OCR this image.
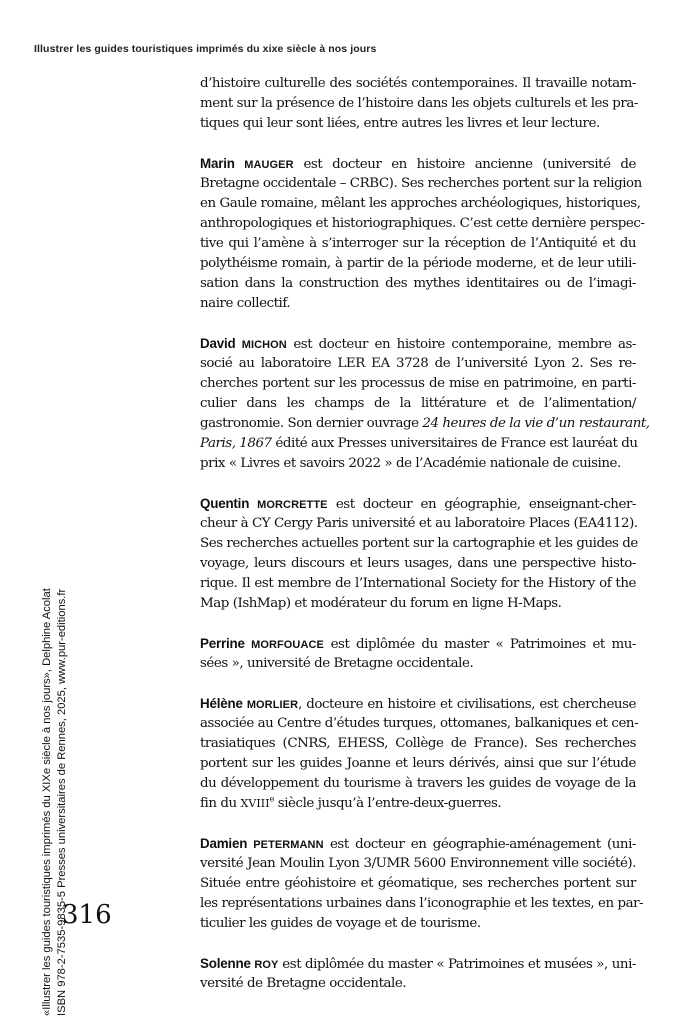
Illustrer les guides touristiques imprimés du xixe siècle à nos jours
«Illustrer les guides touristiques imprimés du XIXe siècle à nos jours», Delphine Acolat ISBN 978-2-7535-9835-5 Presses universitaires de Rennes, 2025, www.pur-editions.fr
316
d’histoire culturelle des sociétés contemporaines. Il travaille notam-
ment sur la présence de l’histoire dans les objets culturels et les pra-
tiques qui leur sont liées, entre autres les livres et leur lecture.
Marin MAUGER est docteur en histoire ancienne (université de
Bretagne occidentale – CRBC). Ses recherches portent sur la religion
en Gaule romaine, mêlant les approches archéologiques, historiques,
anthropologiques et historiographiques. C’est cette dernière perspec-
tive qui l’amène à s’interroger sur la réception de l’Antiquité et du
polythéisme romain, à partir de la période moderne, et de leur utili-
sation dans la construction des mythes identitaires ou de l’imagi-
naire collectif.
David MICHON est docteur en histoire contemporaine, membre as-
socié au laboratoire LER EA 3728 de l’université Lyon 2. Ses re-
cherches portent sur les processus de mise en patrimoine, en parti-
culier dans les champs de la littérature et de l’alimentation/
gastronomie. Son dernier ouvrage 24 heures de la vie d’un restaurant,
Paris, 1867 édité aux Presses universitaires de France est lauréat du
prix « Livres et savoirs 2022 » de l’Académie nationale de cuisine.
Quentin MORCRETTE est docteur en géographie, enseignant-cher-
cheur à CY Cergy Paris université et au laboratoire Places (EA4112).
Ses recherches actuelles portent sur la cartographie et les guides de
voyage, leurs discours et leurs usages, dans une perspective histo-
rique. Il est membre de l’International Society for the History of the
Map (IshMap) et modérateur du forum en ligne H-Maps.
Perrine MORFOUACE est diplômée du master « Patrimoines et mu-
sées », université de Bretagne occidentale.
Hélène MORLIER, docteure en histoire et civilisations, est chercheuse
associée au Centre d’études turques, ottomanes, balkaniques et cen-
trasiatiques (CNRS, EHESS, Collège de France). Ses recherches
portent sur les guides Joanne et leurs dérivés, ainsi que sur l’étude
du développement du tourisme à travers les guides de voyage de la
fin du XVIIIe siècle jusqu’à l’entre-deux-guerres.
Damien PETERMANN est docteur en géographie-aménagement (uni-
versité Jean Moulin Lyon 3/UMR 5600 Environnement ville société).
Située entre géohistoire et géomatique, ses recherches portent sur
les représentations urbaines dans l’iconographie et les textes, en par-
ticulier les guides de voyage et de tourisme.
Solenne ROY est diplômée du master « Patrimoines et musées », uni-
versité de Bretagne occidentale.
